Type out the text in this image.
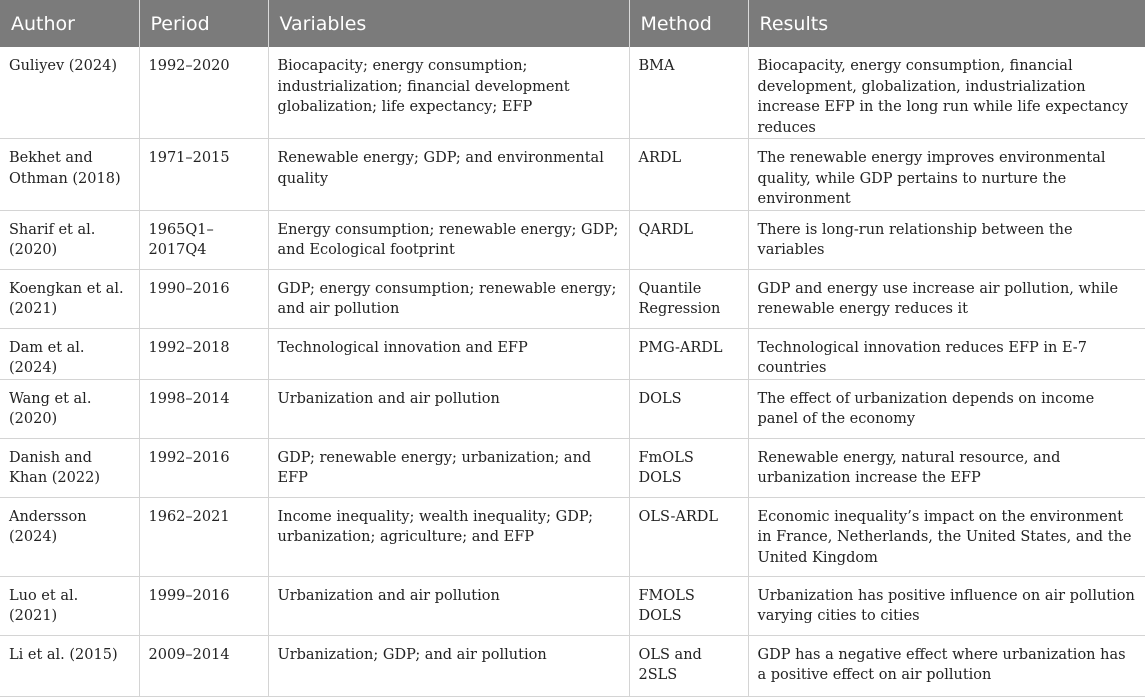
Author	Period	Variables	Method	Results
Guliyev (2024)	1992–2020	Biocapacity; energy consumption; industrialization; financial development globalization; life expectancy; EFP	BMA	Biocapacity, energy consumption, financial development, globalization, industrialization increase EFP in the long run while life expectancy reduces
Bekhet and Othman (2018)	1971–2015	Renewable energy; GDP; and environmental quality	ARDL	The renewable energy improves environmental quality, while GDP pertains to nurture the environment
Sharif et al. (2020)	1965Q1–2017Q4	Energy consumption; renewable energy; GDP; and Ecological footprint	QARDL	There is long-run relationship between the variables
Koengkan et al. (2021)	1990–2016	GDP; energy consumption; renewable energy; and air pollution	Quantile Regression	GDP and energy use increase air pollution, while renewable energy reduces it
Dam et al. (2024)	1992–2018	Technological innovation and EFP	PMG-ARDL	Technological innovation reduces EFP in E-7 countries
Wang et al. (2020)	1998–2014	Urbanization and air pollution	DOLS	The effect of urbanization depends on income panel of the economy
Danish and Khan (2022)	1992–2016	GDP; renewable energy; urbanization; and EFP	FmOLS DOLS	Renewable energy, natural resource, and urbanization increase the EFP
Andersson (2024)	1962–2021	Income inequality; wealth inequality; GDP; urbanization; agriculture; and EFP	OLS-ARDL	Economic inequality’s impact on the environment in France, Netherlands, the United States, and the United Kingdom
Luo et al. (2021)	1999–2016	Urbanization and air pollution	FMOLS DOLS	Urbanization has positive influence on air pollution varying cities to cities
Li et al. (2015)	2009–2014	Urbanization; GDP; and air pollution	OLS and 2SLS	GDP has a negative effect where urbanization has a positive effect on air pollution
